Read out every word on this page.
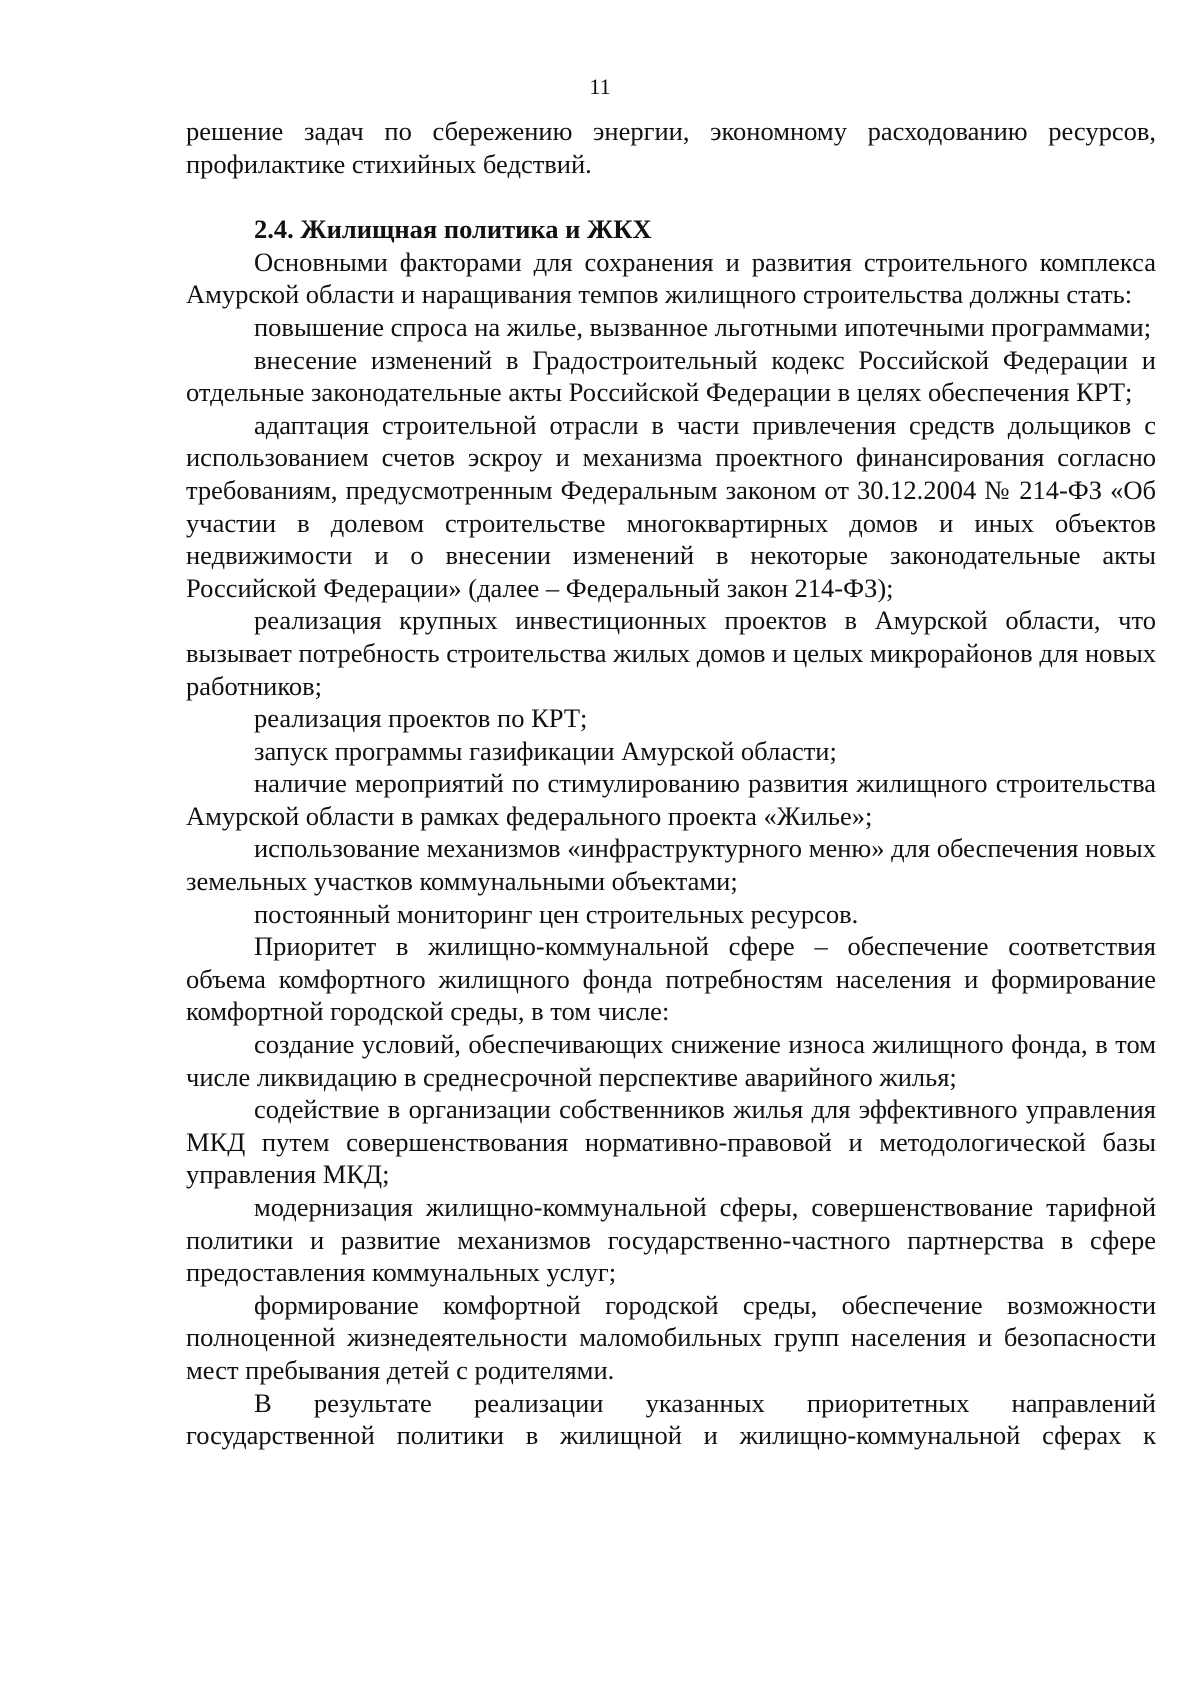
11

решение задач по сбережению энергии, экономному расходованию ресурсов, профилактике стихийных бедствий.

2.4. Жилищная политика и ЖКХ

Основными факторами для сохранения и развития строительного комплекса Амурской области и наращивания темпов жилищного строительства должны стать:

повышение спроса на жилье, вызванное льготными ипотечными программами;

внесение изменений в Градостроительный кодекс Российской Федерации и отдельные законодательные акты Российской Федерации в целях обеспечения КРТ;

адаптация строительной отрасли в части привлечения средств дольщиков с использованием счетов эскроу и механизма проектного финансирования согласно требованиям, предусмотренным Федеральным законом от 30.12.2004 № 214-ФЗ «Об участии в долевом строительстве многоквартирных домов и иных объектов недвижимости и о внесении изменений в некоторые законодательные акты Российской Федерации» (далее – Федеральный закон 214-ФЗ);

реализация крупных инвестиционных проектов в Амурской области, что вызывает потребность строительства жилых домов и целых микрорайонов для новых работников;

реализация проектов по КРТ;

запуск программы газификации Амурской области;

наличие мероприятий по стимулированию развития жилищного строительства Амурской области в рамках федерального проекта «Жилье»;

использование механизмов «инфраструктурного меню» для обеспечения новых земельных участков коммунальными объектами;

постоянный мониторинг цен строительных ресурсов.

Приоритет в жилищно-коммунальной сфере – обеспечение соответствия объема комфортного жилищного фонда потребностям населения и формирование комфортной городской среды, в том числе:

создание условий, обеспечивающих снижение износа жилищного фонда, в том числе ликвидацию в среднесрочной перспективе аварийного жилья;

содействие в организации собственников жилья для эффективного управления МКД путем совершенствования нормативно-правовой и методологической базы управления МКД;

модернизация жилищно-коммунальной сферы, совершенствование тарифной политики и развитие механизмов государственно-частного партнерства в сфере предоставления коммунальных услуг;

формирование комфортной городской среды, обеспечение возможности полноценной жизнедеятельности маломобильных групп населения и безопасности мест пребывания детей с родителями.

В результате реализации указанных приоритетных направлений государственной политики в жилищной и жилищно-коммунальной сферах к
